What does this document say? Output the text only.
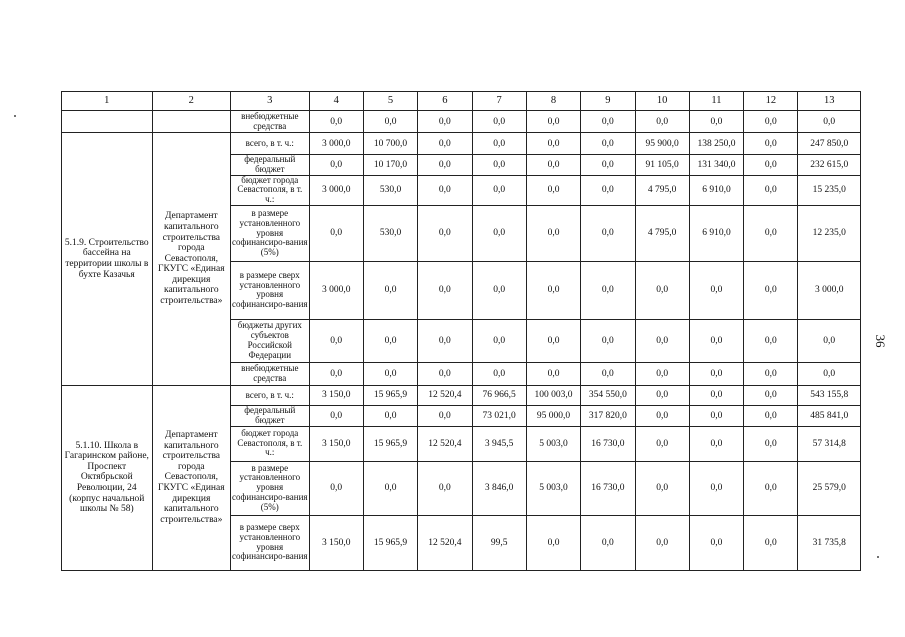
1	2	3	4	5	6	7	8	9	10	11	12	13
		внебюджетные средства	0,0	0,0	0,0	0,0	0,0	0,0	0,0	0,0	0,0	0,0
5.1.9. Строительство бассейна на территории школы в бухте Казачья	Департамент капитального строительства города Севастополя, ГКУГС «Единая дирекция капитального строительства»	всего, в т. ч.:	3 000,0	10 700,0	0,0	0,0	0,0	0,0	95 900,0	138 250,0	0,0	247 850,0
		федеральный бюджет	0,0	10 170,0	0,0	0,0	0,0	0,0	91 105,0	131 340,0	0,0	232 615,0
		бюджет города Севастополя, в т. ч.:	3 000,0	530,0	0,0	0,0	0,0	0,0	4 795,0	6 910,0	0,0	15 235,0
		в размере установленного уровня софинансиро-вания (5%)	0,0	530,0	0,0	0,0	0,0	0,0	4 795,0	6 910,0	0,0	12 235,0
		в размере сверх установленного уровня софинансиро-вания	3 000,0	0,0	0,0	0,0	0,0	0,0	0,0	0,0	0,0	3 000,0
		бюджеты других субъектов Российской Федерации	0,0	0,0	0,0	0,0	0,0	0,0	0,0	0,0	0,0	0,0
		внебюджетные средства	0,0	0,0	0,0	0,0	0,0	0,0	0,0	0,0	0,0	0,0
5.1.10. Школа в Гагаринском районе, Проспект Октябрьской Революции, 24 (корпус начальной школы № 58)	Департамент капитального строительства города Севастополя, ГКУГС «Единая дирекция капитального строительства»	всего, в т. ч.:	3 150,0	15 965,9	12 520,4	76 966,5	100 003,0	354 550,0	0,0	0,0	0,0	543 155,8
		федеральный бюджет	0,0	0,0	0,0	73 021,0	95 000,0	317 820,0	0,0	0,0	0,0	485 841,0
		бюджет города Севастополя, в т. ч.:	3 150,0	15 965,9	12 520,4	3 945,5	5 003,0	16 730,0	0,0	0,0	0,0	57 314,8
		в размере установленного уровня софинансиро-вания (5%)	0,0	0,0	0,0	3 846,0	5 003,0	16 730,0	0,0	0,0	0,0	25 579,0
		в размере сверх установленного уровня софинансиро-вания	3 150,0	15 965,9	12 520,4	99,5	0,0	0,0	0,0	0,0	0,0	31 735,8
36
